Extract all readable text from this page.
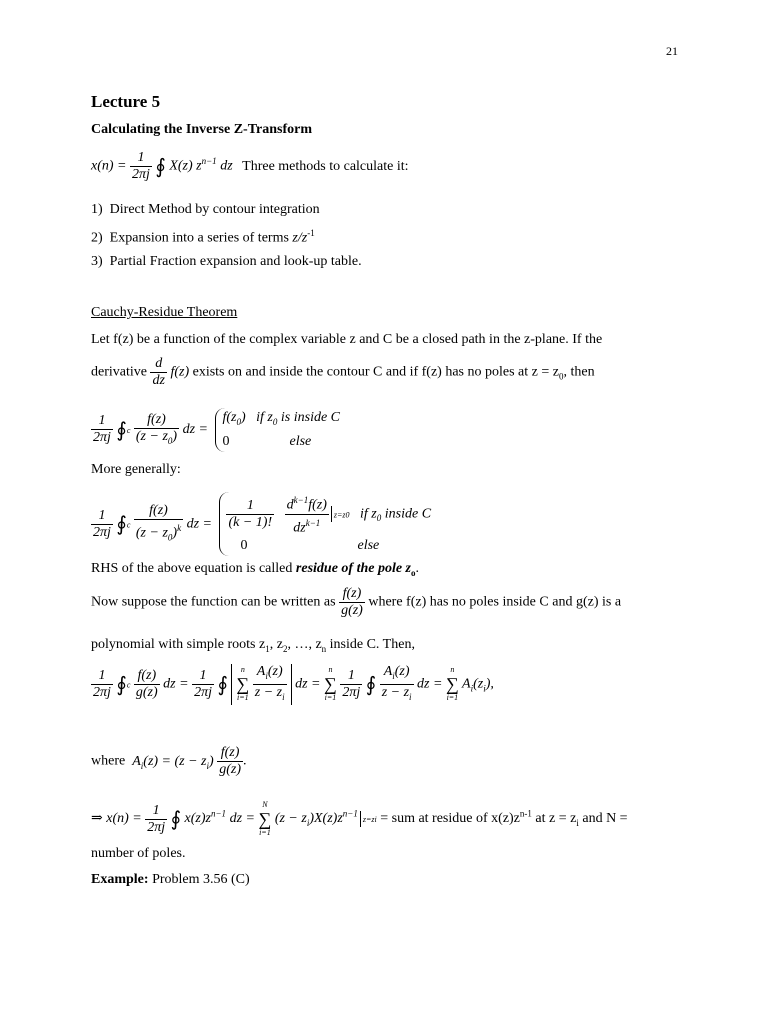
21
Lecture 5
Calculating the Inverse Z-Transform
$x(n) = \frac{1}{2\pi j}$ ∮ X(z) $z^{n-1}$ dz Three methods to calculate it:
1) Direct Method by contour integration
2) Expansion into a series of terms $z/z^{-1}$
3) Partial Fraction expansion and look-up table.
Cauchy-Residue Theorem
Let f(z) be a function of the complex variable z and C be a closed path in the z-plane. If the
derivative $\frac{d}{dz} f(z)$ exists on and inside the contour C and if f(z) has no poles at $z = z_0$, then
$\frac{1}{2\pi j}$ ∮c $\frac{f(z)}{(z - z_0)}$ dz =
$f(z_0)$ if $z_0$ is inside C
0	else
More generally:
$\frac{1}{2\pi j}$ ∮c $\frac{f(z)}{(z - z_0)^k}$ dz = $\frac{1}{(k - 1)!}$
$\frac{d^{k-1}f(z)}{dz^{k-1}} z=z0$ if $z_0$ inside C
0	else
RHS of the above equation is called residue of the pole $z_o$.
Now suppose the function can be written as $\frac{f(z)}{g(z)}$ where f(z) has no poles inside C and g(z) is a
polynomial with simple roots $z_1$, $z_2$, …, $z_n$ inside C. Then,
$\frac{1}{2\pi j}$ ∮c $\frac{f(z)}{g(z)}$ dz = $\frac{1}{2\pi j}$ ∮
n
∑
i=1
$\frac{A_i(z)}{z - z_i}$ dz =
n
∑
i=1
$\frac{1}{2\pi j}$ ∮ $\frac{A_i(z)}{z - z_i}$ dz =
n
∑
i=1
$A_i(z_i)$,
where $A_i(z) = (z - z_i) \frac{f(z)}{g(z)}$ .
⇒ $x(n) = \frac{1}{2\pi j}$ ∮ $x(z)z^{n-1}$ dz =
N
∑
i=1
$(z - z_i)X(z)z^{n-1}z=zi$ = sum at residue of $x(z)z^{n-1}$ at $z = z_i$ and N =
number of poles.
Example: Problem 3.56 (C)
